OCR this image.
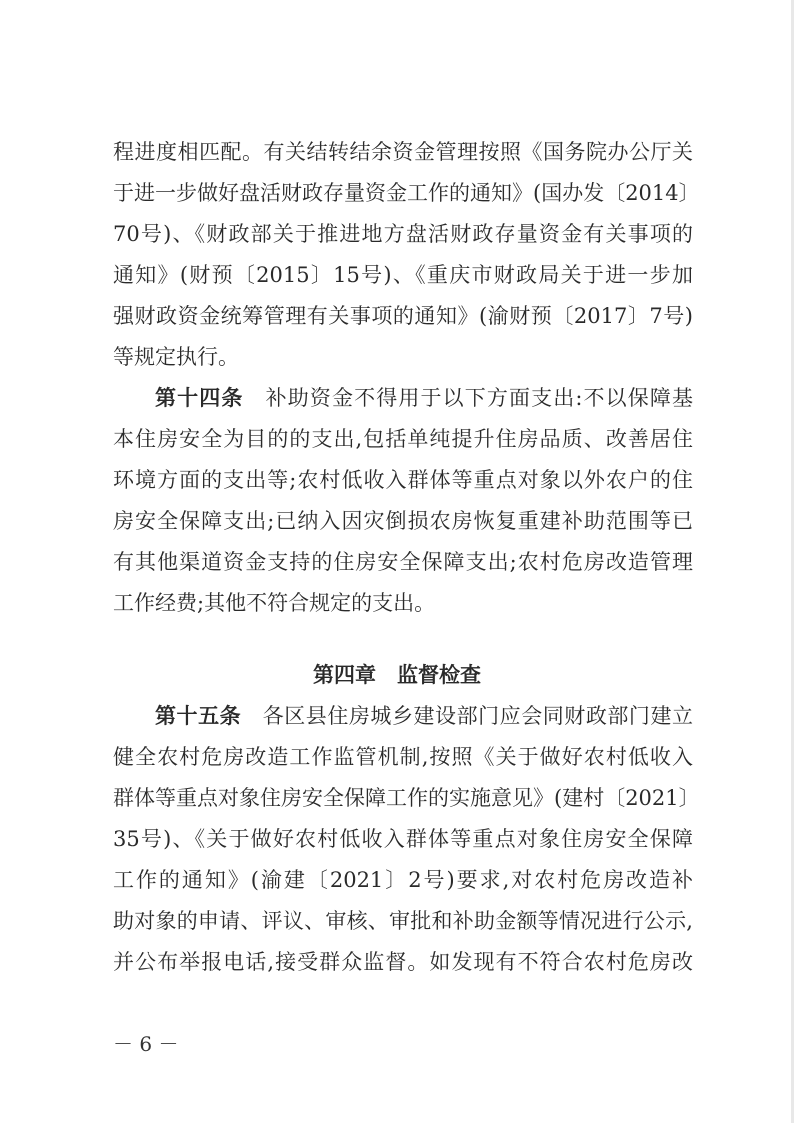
程进度相匹配。有关结转结余资金管理按照《国务院办公厅关
于进一步做好盘活财政存量资金工作的通知》(国办发〔2014〕
70号)、《财政部关于推进地方盘活财政存量资金有关事项的
通知》(财预〔2015〕15号)、《重庆市财政局关于进一步加
强财政资金统筹管理有关事项的通知》(渝财预〔2017〕7号)
等规定执行。
第十四条　 补助资金不得用于以下方面支出:不以保障基
本住房安全为目的的支出,包括单纯提升住房品质、改善居住
环境方面的支出等;农村低收入群体等重点对象以外农户的住
房安全保障支出;已纳入因灾倒损农房恢复重建补助范围等已
有其他渠道资金支持的住房安全保障支出;农村危房改造管理
工作经费;其他不符合规定的支出。
第四章　监督检查
第十五条　 各区县住房城乡建设部门应会同财政部门建立
健全农村危房改造工作监管机制,按照《关于做好农村低收入
群体等重点对象住房安全保障工作的实施意见》(建村〔2021〕
35号)、《关于做好农村低收入群体等重点对象住房安全保障
工作的通知》(渝建〔2021〕2号)要求,对农村危房改造补
助对象的申请、评议、审核、审批和补助金额等情况进行公示,
并公布举报电话,接受群众监督。如发现有不符合农村危房改
－ 6 －
